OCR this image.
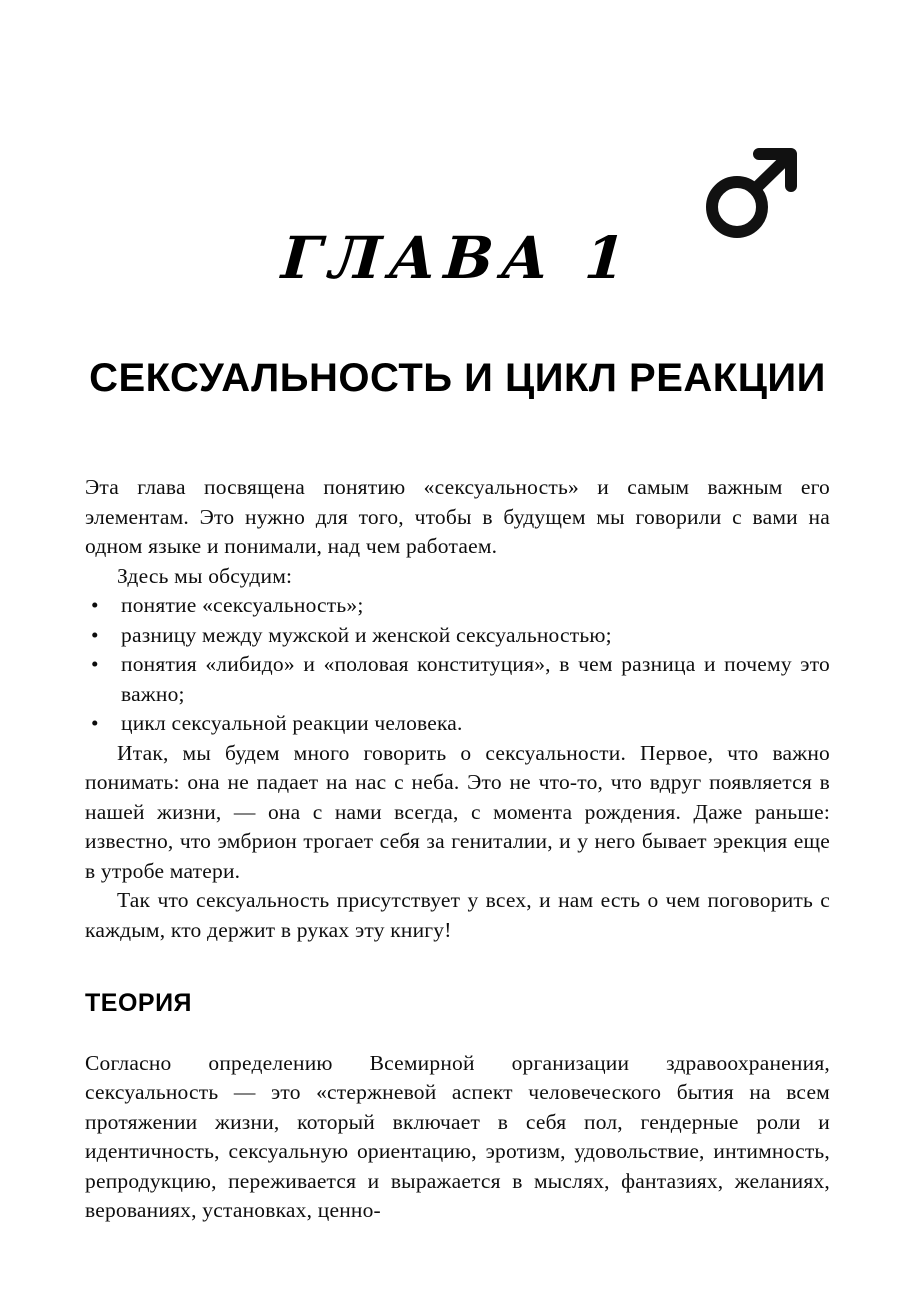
ГЛАВА 1
СЕКСУАЛЬНОСТЬ И ЦИКЛ РЕАКЦИИ

Эта глава посвящена понятию «сексуальность» и самым важным его элементам. Это нужно для того, чтобы в будущем мы говорили с вами на одном языке и понимали, над чем работаем.

Здесь мы обсудим:

• понятие «сексуальность»;
• разницу между мужской и женской сексуальностью;
• понятия «либидо» и «половая конституция», в чем разница и почему это важно;
• цикл сексуальной реакции человека.

Итак, мы будем много говорить о сексуальности. Первое, что важно понимать: она не падает на нас с неба. Это не что-то, что вдруг появляется в нашей жизни, — она с нами всегда, с момента рождения. Даже раньше: известно, что эмбрион трогает себя за гениталии, и у него бывает эрекция еще в утробе матери.

Так что сексуальность присутствует у всех, и нам есть о чем поговорить с каждым, кто держит в руках эту книгу!

ТЕОРИЯ

Согласно определению Всемирной организации здравоохранения, сексуальность — это «стержневой аспект человеческого бытия на всем протяжении жизни, который включает в себя пол, гендерные роли и идентичность, сексуальную ориентацию, эротизм, удовольствие, интимность, репродукцию, переживается и выражается в мыслях, фантазиях, желаниях, верованиях, установках, ценно-
